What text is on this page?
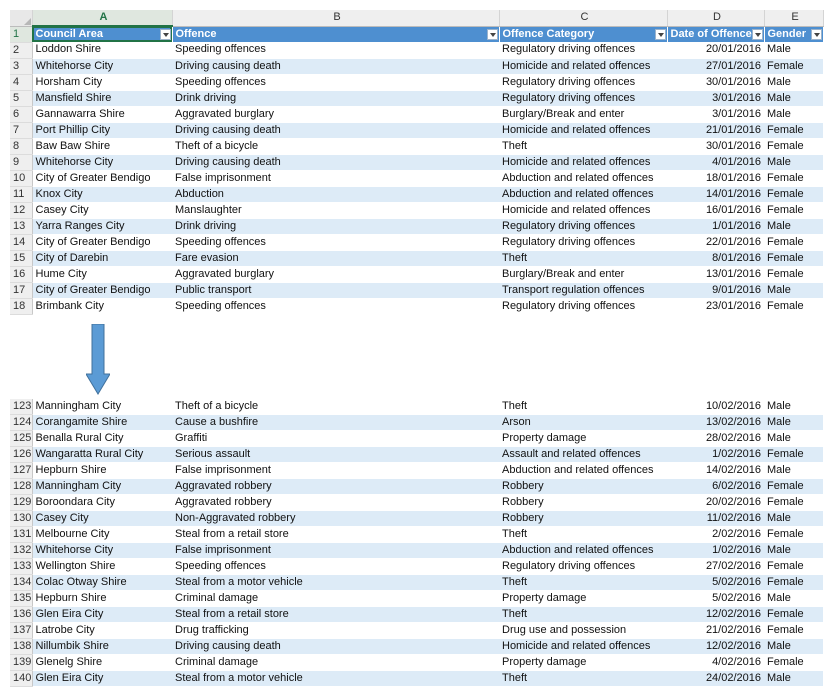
	A	B	C	D	E
1	Council Area	Offence	Offence Category	Date of Offence	Gender

2	Loddon Shire	Speeding offences	Regulatory driving offences	20/01/2016	Male
3	Whitehorse City	Driving causing death	Homicide and related offences	27/01/2016	Female
4	Horsham City	Speeding offences	Regulatory driving offences	30/01/2016	Male
5	Mansfield Shire	Drink driving	Regulatory driving offences	3/01/2016	Male
6	Gannawarra Shire	Aggravated burglary	Burglary/Break and enter	3/01/2016	Male
7	Port Phillip City	Driving causing death	Homicide and related offences	21/01/2016	Female
8	Baw Baw Shire	Theft of a bicycle	Theft	30/01/2016	Female
9	Whitehorse City	Driving causing death	Homicide and related offences	4/01/2016	Male
10	City of Greater Bendigo	False imprisonment	Abduction and related offences	18/01/2016	Female
11	Knox City	Abduction	Abduction and related offences	14/01/2016	Female
12	Casey City	Manslaughter	Homicide and related offences	16/01/2016	Female
13	Yarra Ranges City	Drink driving	Regulatory driving offences	1/01/2016	Male
14	City of Greater Bendigo	Speeding offences	Regulatory driving offences	22/01/2016	Female
15	City of Darebin	Fare evasion	Theft	8/01/2016	Female
16	Hume City	Aggravated burglary	Burglary/Break and enter	13/01/2016	Female
17	City of Greater Bendigo	Public transport	Transport regulation offences	9/01/2016	Male
18	Brimbank City	Speeding offences	Regulatory driving offences	23/01/2016	Female
123	Manningham City	Theft of a bicycle	Theft	10/02/2016	Male
124	Corangamite Shire	Cause a bushfire	Arson	13/02/2016	Male
125	Benalla Rural City	Graffiti	Property damage	28/02/2016	Male
126	Wangaratta Rural City	Serious assault	Assault and related offences	1/02/2016	Female
127	Hepburn Shire	False imprisonment	Abduction and related offences	14/02/2016	Male
128	Manningham City	Aggravated robbery	Robbery	6/02/2016	Female
129	Boroondara City	Aggravated robbery	Robbery	20/02/2016	Female
130	Casey City	Non-Aggravated robbery	Robbery	11/02/2016	Male
131	Melbourne City	Steal from a retail store	Theft	2/02/2016	Female
132	Whitehorse City	False imprisonment	Abduction and related offences	1/02/2016	Male
133	Wellington Shire	Speeding offences	Regulatory driving offences	27/02/2016	Female
134	Colac Otway Shire	Steal from a motor vehicle	Theft	5/02/2016	Female
135	Hepburn Shire	Criminal damage	Property damage	5/02/2016	Male
136	Glen Eira City	Steal from a retail store	Theft	12/02/2016	Female
137	Latrobe City	Drug trafficking	Drug use and possession	21/02/2016	Female
138	Nillumbik Shire	Driving causing death	Homicide and related offences	12/02/2016	Male
139	Glenelg Shire	Criminal damage	Property damage	4/02/2016	Female
140	Glen Eira City	Steal from a motor vehicle	Theft	24/02/2016	Male
